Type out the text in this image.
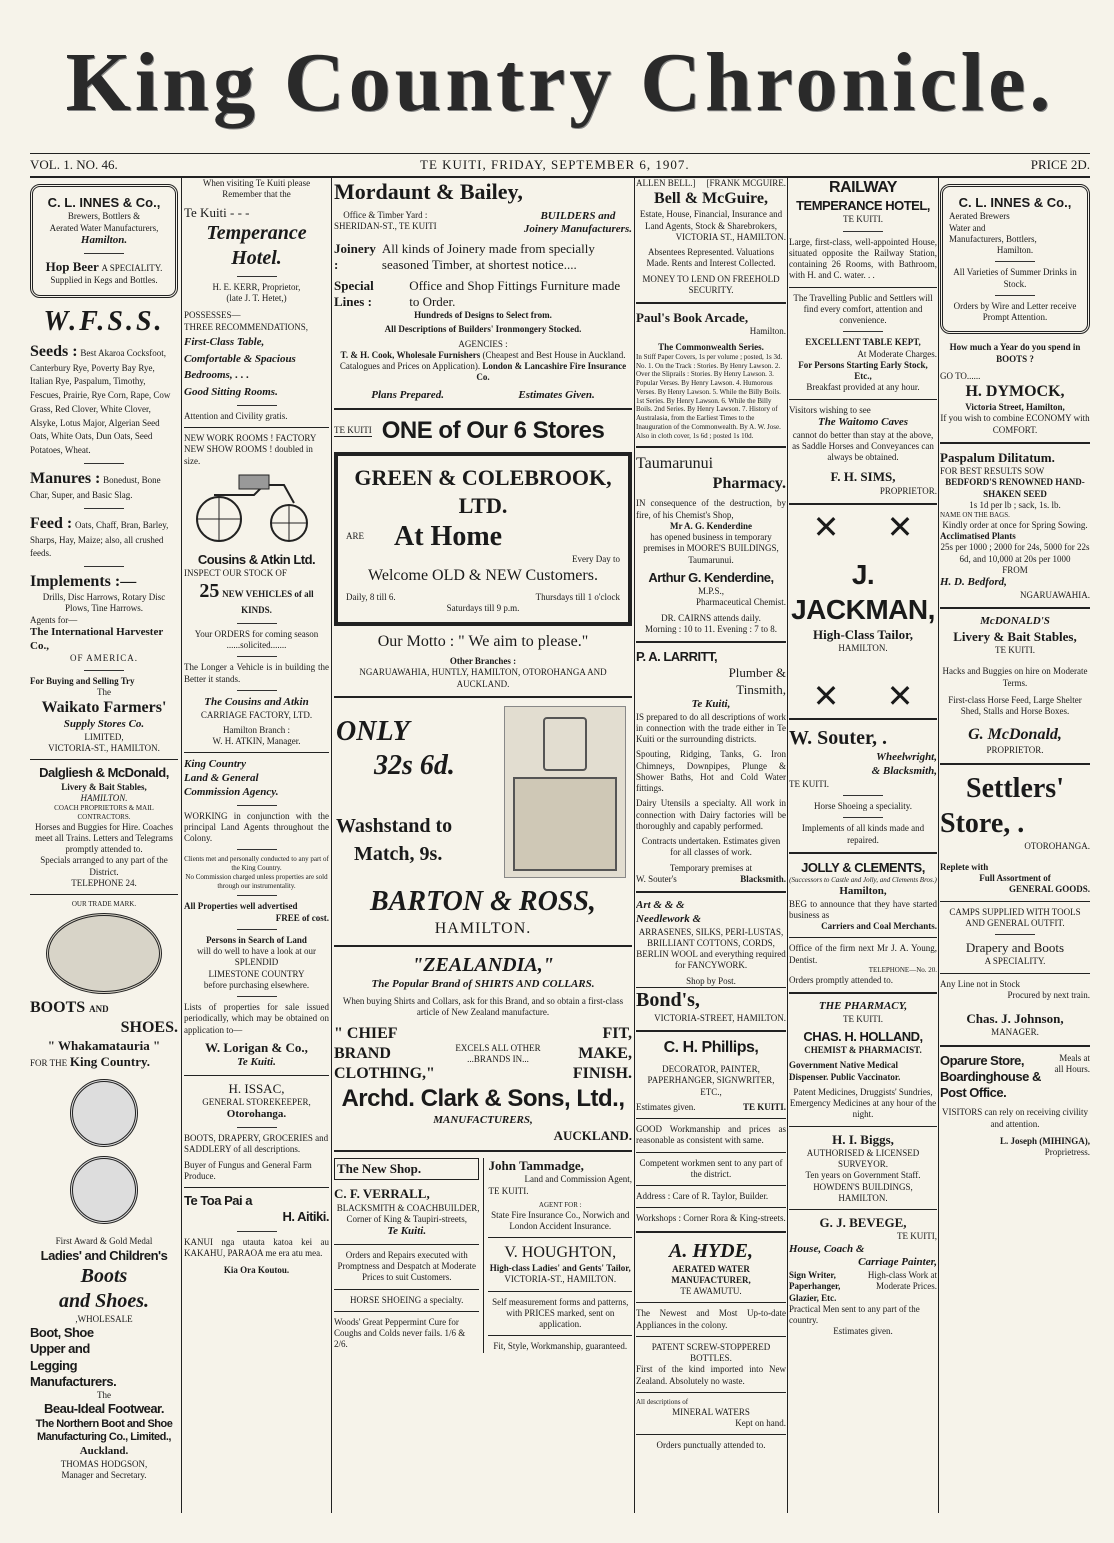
King Country Chronicle.
VOL. 1. NO. 46.	TE KUITI, FRIDAY, SEPTEMBER 6, 1907.	PRICE 2D.
C. L. INNES & Co.,
Brewers, Bottlers &
Aerated Water Manufacturers,
Hamilton.
Hop Beer A SPECIALITY.
Supplied in Kegs and Bottles.
W.F.S.S.
Seeds : Best Akaroa Cocksfoot, Canterbury Rye, Poverty Bay Rye, Italian Rye, Paspalum, Timothy, Fescues, Prairie, Rye Corn, Rape, Cow Grass, Red Clover, White Clover, Alsyke, Lotus Major, Algerian Seed Oats, White Oats, Dun Oats, Seed Potatoes, Wheat.
Manures : Bonedust, Bone Char, Super, and Basic Slag.
Feed : Oats, Chaff, Bran, Barley, Sharps, Hay, Maize; also, all crushed feeds.
Implements :—
Drills, Disc Harrows, Rotary Disc Plows, Tine Harrows.
Agents for—
The International Harvester Co.,
OF AMERICA.
For Buying and Selling Try
The
Waikato Farmers'
Supply Stores Co.
LIMITED,
VICTORIA-ST., HAMILTON.
Dalgliesh & McDonald,
Livery & Bait Stables,
HAMILTON.
COACH PROPRIETORS & MAIL CONTRACTORS.
Horses and Buggies for Hire. Coaches meet all Trains. Letters and Telegrams promptly attended to.
Specials arranged to any part of the District.
TELEPHONE 24.
OUR TRADE MARK.
BOOTS AND
SHOES.
" Whakamatauria "
FOR THE King Country.

First Award & Gold Medal
Ladies' and Children's
Boots
and Shoes.
,WHOLESALE
Boot, Shoe
Upper and
Legging
Manufacturers.
The
Beau-Ideal Footwear.
The Northern Boot and Shoe Manufacturing Co., Limited.,
Auckland.
THOMAS HODGSON,
Manager and Secretary.
When visiting Te Kuiti please Remember that the
Te Kuiti - - -
Temperance
Hotel.
H. E. KERR, Proprietor,
(late J. T. Hetet,)
POSSESSES—
THREE RECOMMENDATIONS,
First-Class Table,
Comfortable & Spacious
Bedrooms, . . .
Good Sitting Rooms.
Attention and Civility gratis.
NEW WORK ROOMS ! FACTORY
NEW SHOW ROOMS ! doubled in size.
Cousins & Atkin Ltd.
INSPECT OUR STOCK OF
25 NEW VEHICLES of all KINDS.
Your ORDERS for coming season ......solicited.......
The Longer a Vehicle is in building the Better it stands.
The Cousins and Atkin
CARRIAGE FACTORY, LTD.
Hamilton Branch :
W. H. ATKIN, Manager.
King Country
Land & General
Commission Agency.
WORKING in conjunction with the principal Land Agents throughout the Colony.
Clients met and personally conducted to any part of the King Country.
No Commission charged unless properties are sold through our instrumentality.
All Properties well advertised
FREE of cost.
Persons in Search of Land
will do well to have a look at our
SPLENDID
LIMESTONE COUNTRY
before purchasing elsewhere.
Lists of properties for sale issued periodically, which may be obtained on application to—
W. Lorigan & Co.,
Te Kuiti.
H. ISSAC,
GENERAL STOREKEEPER,
Otorohanga.
BOOTS, DRAPERY, GROCERIES and SADDLERY of all descriptions.
Buyer of Fungus and General Farm Produce.
Te Toa Pai a
H. Aitiki.
KANUI nga utauta katoa kei au KAKAHU, PARAOA me era atu mea.
Kia Ora Koutou.
Mordaunt & Bailey,
Office & Timber Yard :
SHERIDAN-ST., TE KUITI
BUILDERS and
Joinery Manufacturers.
Joinery :
All kinds of Joinery made from specially seasoned Timber, at shortest notice....
Special Lines :
Office and Shop Fittings Furniture made to Order.
Hundreds of Designs to Select from.
All Descriptions of Builders' Ironmongery Stocked.
AGENCIES :
T. & H. Cook, Wholesale Furnishers (Cheapest and Best House in Auckland. Catalogues and Prices on Application). London & Lancashire Fire Insurance Co.
Plans Prepared.	Estimates Given.
TE KUITI ONE of Our 6 Stores
GREEN & COLEBROOK, LTD.
ARE At Home
Every Day to
Welcome OLD & NEW Customers.
Daily, 8 till 6.	Thursdays till 1 o'clock
Saturdays till 9 p.m.
Our Motto : " We aim to please."
Other Branches :
NGARUAWAHIA, HUNTLY, HAMILTON, OTOROHANGA AND AUCKLAND.
ONLY
32s 6d.
Washstand to
Match, 9s.
BARTON & ROSS,
HAMILTON.
"ZEALANDIA,"
The Popular Brand of SHIRTS AND COLLARS.
When buying Shirts and Collars, ask for this Brand, and so obtain a first-class article of New Zealand manufacture.
" CHIEF BRAND CLOTHING,"
EXCELS ALL OTHER
...BRANDS IN...
FIT, MAKE, FINISH.
Archd. Clark & Sons, Ltd.,
MANUFACTURERS,
AUCKLAND.
The New Shop.
C. F. VERRALL,
BLACKSMITH & COACHBUILDER,
Corner of King & Taupiri-streets,
Te Kuiti.
Orders and Repairs executed with Promptness and Despatch at Moderate Prices to suit Customers.
HORSE SHOEING a specialty.
Woods' Great Peppermint Cure for Coughs and Colds never fails. 1/6 & 2/6.
John Tammadge,
Land and Commission Agent,
TE KUITI.
AGENT FOR :
State Fire Insurance Co., Norwich and London Accident Insurance.
V. HOUGHTON,
High-class Ladies' and Gents' Tailor,
VICTORIA-ST., HAMILTON.
Self measurement forms and patterns, with PRICES marked, sent on application.
Fit, Style, Workmanship, guaranteed.
ALLEN BELL.] [FRANK MCGUIRE.
Bell & McGuire,
Estate, House, Financial, Insurance and Land Agents, Stock & Sharebrokers,
VICTORIA ST., HAMILTON.
Absentees Represented. Valuations Made. Rents and Interest Collected.
MONEY TO LEND ON FREEHOLD SECURITY.
Paul's Book Arcade,
Hamilton.
The Commonwealth Series.
In Stiff Paper Covers, 1s per volume ; posted, 1s 3d. No. 1. On the Track : Stories. By Henry Lawson. 2. Over the Sliprails : Stories. By Henry Lawson. 3. Popular Verses. By Henry Lawson. 4. Humorous Verses. By Henry Lawson. 5. While the Billy Boils. 1st Series. By Henry Lawson. 6. While the Billy Boils. 2nd Series. By Henry Lawson. 7. History of Australasia, from the Earliest Times to the Inauguration of the Commonwealth. By A. W. Jose. Also in cloth cover, 1s 6d ; posted 1s 10d.
Taumarunui
Pharmacy.
IN consequence of the destruction, by fire, of his Chemist's Shop,
Mr A. G. Kenderdine
has opened business in temporary premises in MOORE'S BUILDINGS, Taumarunui.
Arthur G. Kenderdine,
M.P.S.,
Pharmaceutical Chemist.
DR. CAIRNS attends daily.
Morning : 10 to 11. Evening : 7 to 8.
P. A. LARRITT,
Plumber &
Tinsmith,
Te Kuiti,
IS prepared to do all descriptions of work in connection with the trade either in Te Kuiti or the surrounding districts.
Spouting, Ridging, Tanks, G. Iron Chimneys, Downpipes, Plunge & Shower Baths, Hot and Cold Water fittings.
Dairy Utensils a specialty. All work in connection with Dairy factories will be thoroughly and capably performed.
Contracts undertaken. Estimates given for all classes of work.
Temporary premises at
W. Souter's	Blacksmith.
Art & & &
Needlework &
ARRASENES, SILKS, PERI-LUSTAS, BRILLIANT COTTONS, CORDS, BERLIN WOOL and everything required for FANCYWORK.
Shop by Post.
Bond's,
VICTORIA-STREET, HAMILTON.
C. H. Phillips,
DECORATOR, PAINTER, PAPERHANGER, SIGNWRITER, ETC.,
Estimates given.	TE KUITI.
GOOD Workmanship and prices as reasonable as consistent with same.
Competent workmen sent to any part of the district.
Address : Care of R. Taylor, Builder.
Workshops : Corner Rora & King-streets.
A. HYDE,
AERATED WATER MANUFACTURER,
TE AWAMUTU.
The Newest and Most Up-to-date Appliances in the colony.
PATENT SCREW-STOPPERED BOTTLES.
First of the kind imported into New Zealand. Absolutely no waste.
All descriptions of
MINERAL WATERS
Kept on hand.
Orders punctually attended to.
RAILWAY
TEMPERANCE HOTEL,
TE KUITI.
Large, first-class, well-appointed House, situated opposite the Railway Station, containing 26 Rooms, with Bathroom, with H. and C. water. . .
The Travelling Public and Settlers will find every comfort, attention and convenience.
EXCELLENT TABLE KEPT,
At Moderate Charges.
For Persons Starting Early Stock, Etc.,
Breakfast provided at any hour.
Visitors wishing to see
The Waitomo Caves
cannot do better than stay at the above, as Saddle Horses and Conveyances can always be obtained.
F. H. SIMS,
PROPRIETOR.
✕ ✕
J. JACKMAN,
High-Class Tailor,
HAMILTON.
✕ ✕
W. Souter, .
Wheelwright,
& Blacksmith,
TE KUITI.
Horse Shoeing a speciality.
Implements of all kinds made and repaired.
JOLLY & CLEMENTS,
(Successors to Castle and Jolly, and Clements Bros.)
Hamilton,
BEG to announce that they have started business as
Carriers and Coal Merchants.
Office of the firm next Mr J. A. Young, Dentist.
TELEPHONE—No. 20.
Orders promptly attended to.
THE PHARMACY,
TE KUITI.
CHAS. H. HOLLAND,
CHEMIST & PHARMACIST.
Government Native Medical Dispenser. Public Vaccinator.
Patent Medicines, Druggists' Sundries, Emergency Medicines at any hour of the night.
H. I. Biggs,
AUTHORISED & LICENSED SURVEYOR.
Ten years on Government Staff.
HOWDEN'S BUILDINGS, HAMILTON.
G. J. BEVEGE,
TE KUITI,
House, Coach &
Carriage Painter,
Sign Writer, Paperhanger, Glazier, Etc.
High-class Work at Moderate Prices.
Practical Men sent to any part of the country.
Estimates given.
C. L. INNES & Co.,
Aerated Brewers
Water and
Manufacturers, Bottlers,
Hamilton.
All Varieties of Summer Drinks in Stock.
Orders by Wire and Letter receive Prompt Attention.
How much a Year do you spend in BOOTS ?
GO TO......
H. DYMOCK,
Victoria Street, Hamilton,
If you wish to combine ECONOMY with COMFORT.
Paspalum Dilitatum.
FOR BEST RESULTS SOW
BEDFORD'S RENOWNED HAND-SHAKEN SEED
1s 1d per lb ; sack, 1s. lb.
NAME ON THE BAGS.
Kindly order at once for Spring Sowing.
Acclimatised Plants
25s per 1000 ; 2000 for 24s, 5000 for 22s 6d, and 10,000 at 20s per 1000
FROM
H. D. Bedford,
NGARUAWAHIA.
McDONALD'S
Livery & Bait Stables,
TE KUITI.
Hacks and Buggies on hire on Moderate Terms.
First-class Horse Feed, Large Shelter Shed, Stalls and Horse Boxes.
G. McDonald,
PROPRIETOR.
Settlers'
Store, .
OTOROHANGA.
Replete with
Full Assortment of
GENERAL GOODS.
CAMPS SUPPLIED WITH TOOLS AND GENERAL OUTFIT.
Drapery and Boots
A SPECIALITY.
Any Line not in Stock
Procured by next train.
Chas. J. Johnson,
MANAGER.
Oparure Store, Boardinghouse & Post Office.
Meals at all Hours.
VISITORS can rely on receiving civility and attention.
L. Joseph (MIHINGA),
Proprietress.
